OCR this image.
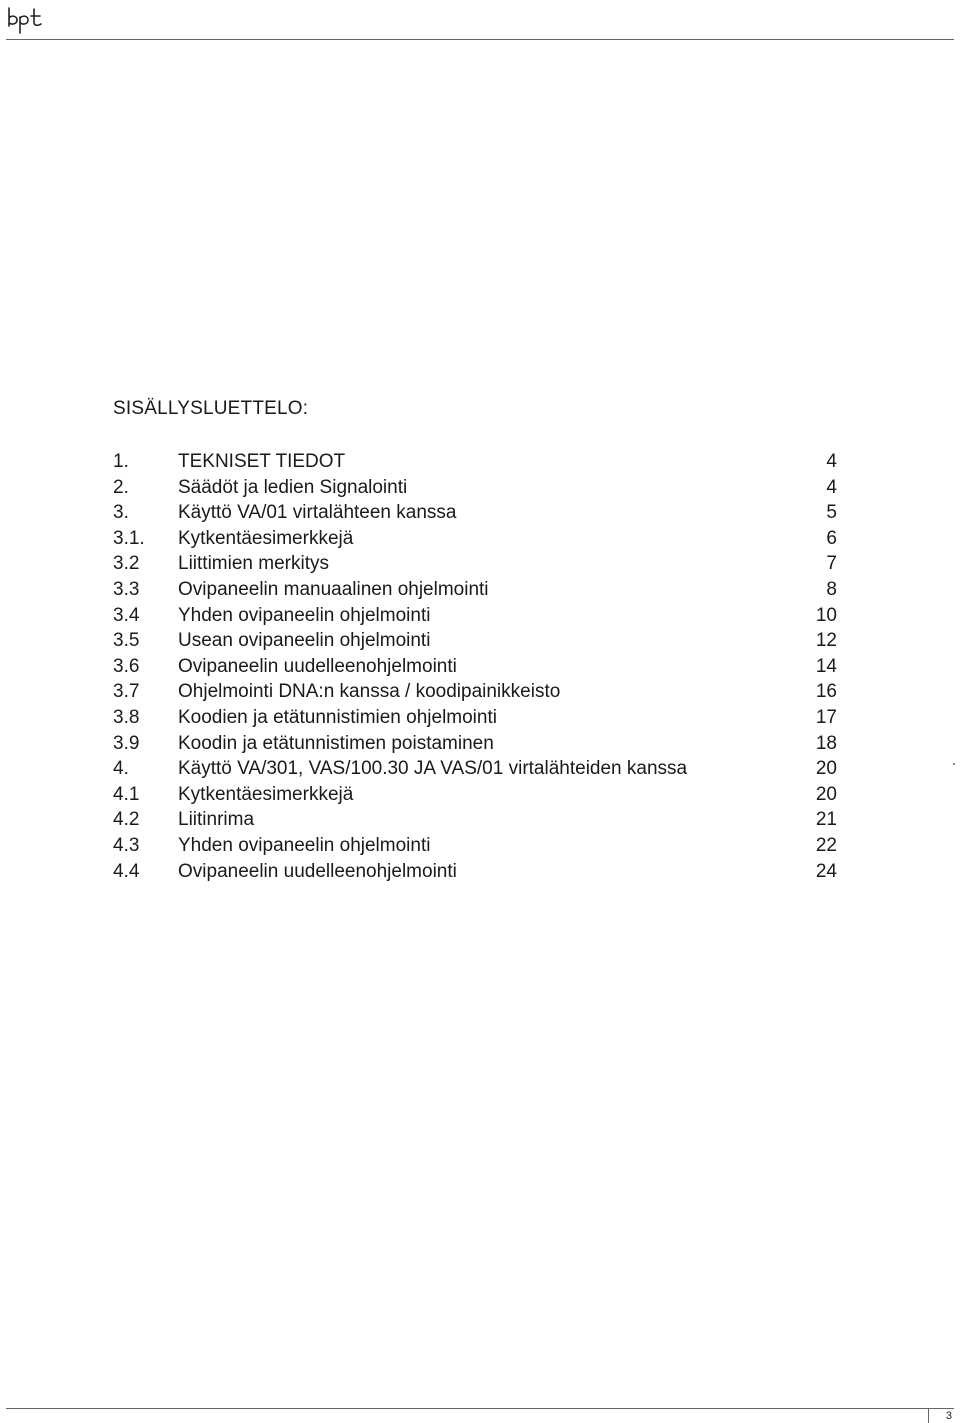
SISÄLLYSLUETTELO:
1.	TEKNISET TIEDOT	4
2.	Säädöt ja ledien Signalointi	4
3.	Käyttö VA/01 virtalähteen kanssa	5
3.1. Kytkentäesimerkkejä	6
3.2 Liittimien merkitys	7
3.3 Ovipaneelin manuaalinen ohjelmointi	8
3.4 Yhden ovipaneelin ohjelmointi	10
3.5 Usean ovipaneelin ohjelmointi	12
3.6 Ovipaneelin uudelleenohjelmointi	14
3.7 Ohjelmointi DNA:n kanssa / koodipainikkeisto	16
3.8 Koodien ja etätunnistimien ohjelmointi	17
3.9 Koodin ja etätunnistimen poistaminen	18
4.	Käyttö VA/301, VAS/100.30 JA VAS/01 virtalähteiden kanssa	20
4.1 Kytkentäesimerkkejä	20
4.2 Liitinrima	21
4.3 Yhden ovipaneelin ohjelmointi	22
4.4 Ovipaneelin uudelleenohjelmointi	24
3
